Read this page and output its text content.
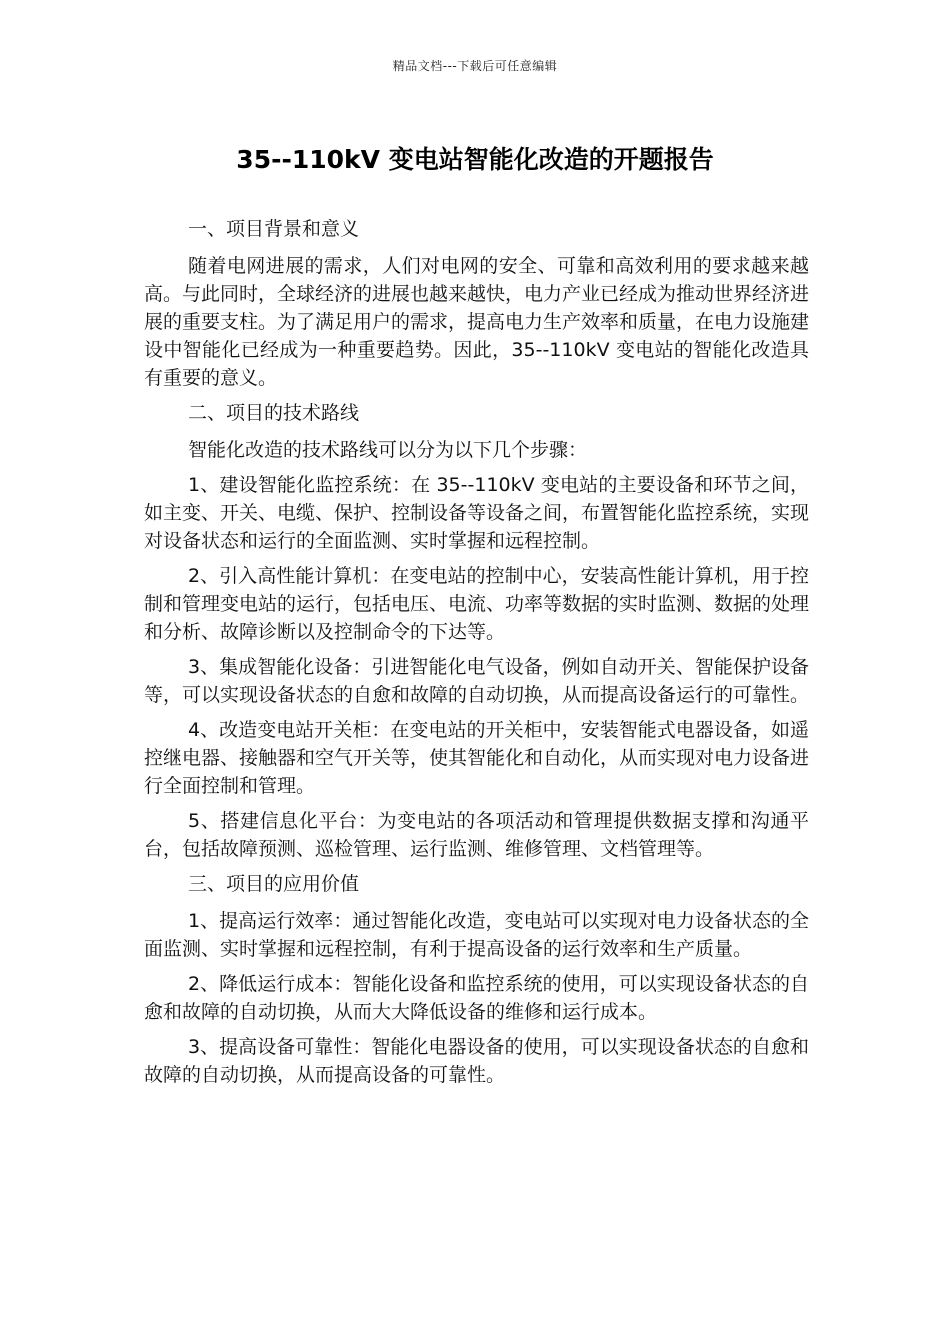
精品文档---下载后可任意编辑
35--110kV 变电站智能化改造的开题报告

一、项目背景和意义

随着电网进展的需求，人们对电网的安全、可靠和高效利用的要求越来越高。与此同时，全球经济的进展也越来越快，电力产业已经成为推动世界经济进展的重要支柱。为了满足用户的需求，提高电力生产效率和质量，在电力设施建设中智能化已经成为一种重要趋势。因此，35--110kV 变电站的智能化改造具有重要的意义。

二、项目的技术路线

智能化改造的技术路线可以分为以下几个步骤：

1、建设智能化监控系统：在 35--110kV 变电站的主要设备和环节之间，如主变、开关、电缆、保护、控制设备等设备之间，布置智能化监控系统，实现对设备状态和运行的全面监测、实时掌握和远程控制。

2、引入高性能计算机：在变电站的控制中心，安装高性能计算机，用于控制和管理变电站的运行，包括电压、电流、功率等数据的实时监测、数据的处理和分析、故障诊断以及控制命令的下达等。

3、集成智能化设备：引进智能化电气设备，例如自动开关、智能保护设备等，可以实现设备状态的自愈和故障的自动切换，从而提高设备运行的可靠性。

4、改造变电站开关柜：在变电站的开关柜中，安装智能式电器设备，如遥控继电器、接触器和空气开关等，使其智能化和自动化，从而实现对电力设备进行全面控制和管理。

5、搭建信息化平台：为变电站的各项活动和管理提供数据支撑和沟通平台，包括故障预测、巡检管理、运行监测、维修管理、文档管理等。

三、项目的应用价值

1、提高运行效率：通过智能化改造，变电站可以实现对电力设备状态的全面监测、实时掌握和远程控制，有利于提高设备的运行效率和生产质量。

2、降低运行成本：智能化设备和监控系统的使用，可以实现设备状态的自愈和故障的自动切换，从而大大降低设备的维修和运行成本。

3、提高设备可靠性：智能化电器设备的使用，可以实现设备状态的自愈和故障的自动切换，从而提高设备的可靠性。
